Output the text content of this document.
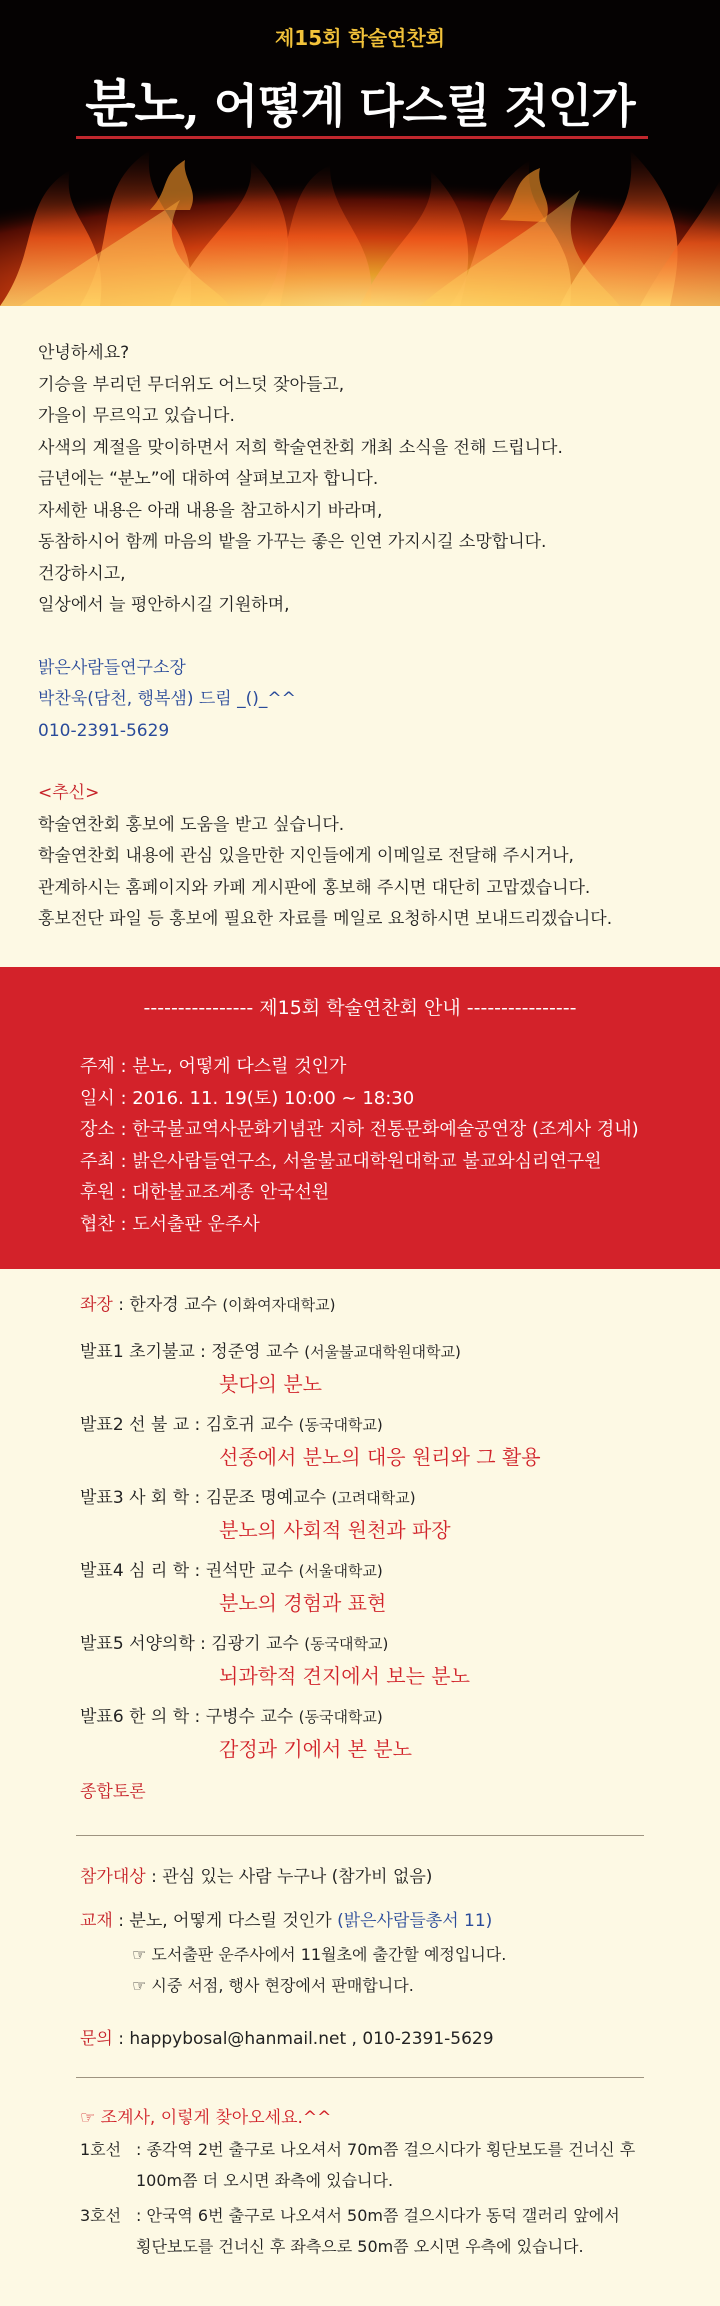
제15회 학술연찬회
분노, 어떻게 다스릴 것인가

안녕하세요?

기승을 부리던 무더위도 어느덧 잦아들고,

가을이 무르익고 있습니다.

사색의 계절을 맞이하면서 저희 학술연찬회 개최 소식을 전해 드립니다.

금년에는 “분노”에 대하여 살펴보고자 합니다.

자세한 내용은 아래 내용을 참고하시기 바라며,

동참하시어 함께 마음의 밭을 가꾸는 좋은 인연 가지시길 소망합니다.

건강하시고,

일상에서 늘 평안하시길 기원하며,

밝은사람들연구소장

박찬욱(담천, 행복샘) 드림 _()_^^

010-2391-5629

<추신>

학술연찬회 홍보에 도움을 받고 싶습니다.

학술연찬회 내용에 관심 있을만한 지인들에게 이메일로 전달해 주시거나,

관계하시는 홈페이지와 카페 게시판에 홍보해 주시면 대단히 고맙겠습니다.

홍보전단 파일 등 홍보에 필요한 자료를 메일로 요청하시면 보내드리겠습니다.

---------------- 제15회 학술연찬회 안내 ----------------
주제 : 분노, 어떻게 다스릴 것인가
일시 : 2016. 11. 19(토) 10:00 ~ 18:30
장소 : 한국불교역사문화기념관 지하 전통문화예술공연장 (조계사 경내)
주최 : 밝은사람들연구소, 서울불교대학원대학교 불교와심리연구원
후원 : 대한불교조계종 안국선원
협찬 : 도서출판 운주사
좌장 : 한자경 교수 (이화여자대학교)
발표1 초기불교 : 정준영 교수 (서울불교대학원대학교)
붓다의 분노
발표2 선 불 교 : 김호귀 교수 (동국대학교)
선종에서 분노의 대응 원리와 그 활용
발표3 사 회 학 : 김문조 명예교수 (고려대학교)
분노의 사회적 원천과 파장
발표4 심 리 학 : 권석만 교수 (서울대학교)
분노의 경험과 표현
발표5 서양의학 : 김광기 교수 (동국대학교)
뇌과학적 견지에서 보는 분노
발표6 한 의 학 : 구병수 교수 (동국대학교)
감정과 기에서 본 분노
종합토론
참가대상 : 관심 있는 사람 누구나 (참가비 없음)
교재 : 분노, 어떻게 다스릴 것인가 (밝은사람들총서 11)
☞ 도서출판 운주사에서 11월초에 출간할 예정입니다.
☞ 시중 서점, 행사 현장에서 판매합니다.
문의 : happybosal@hanmail.net , 010-2391-5629
☞ 조계사, 이렇게 찾아오세요.^^
1호선 : 종각역 2번 출구로 나오셔서 70m쯤 걸으시다가 횡단보도를 건너신 후
100m쯤 더 오시면 좌측에 있습니다.
3호선 : 안국역 6번 출구로 나오셔서 50m쯤 걸으시다가 동덕 갤러리 앞에서
횡단보도를 건너신 후 좌측으로 50m쯤 오시면 우측에 있습니다.
